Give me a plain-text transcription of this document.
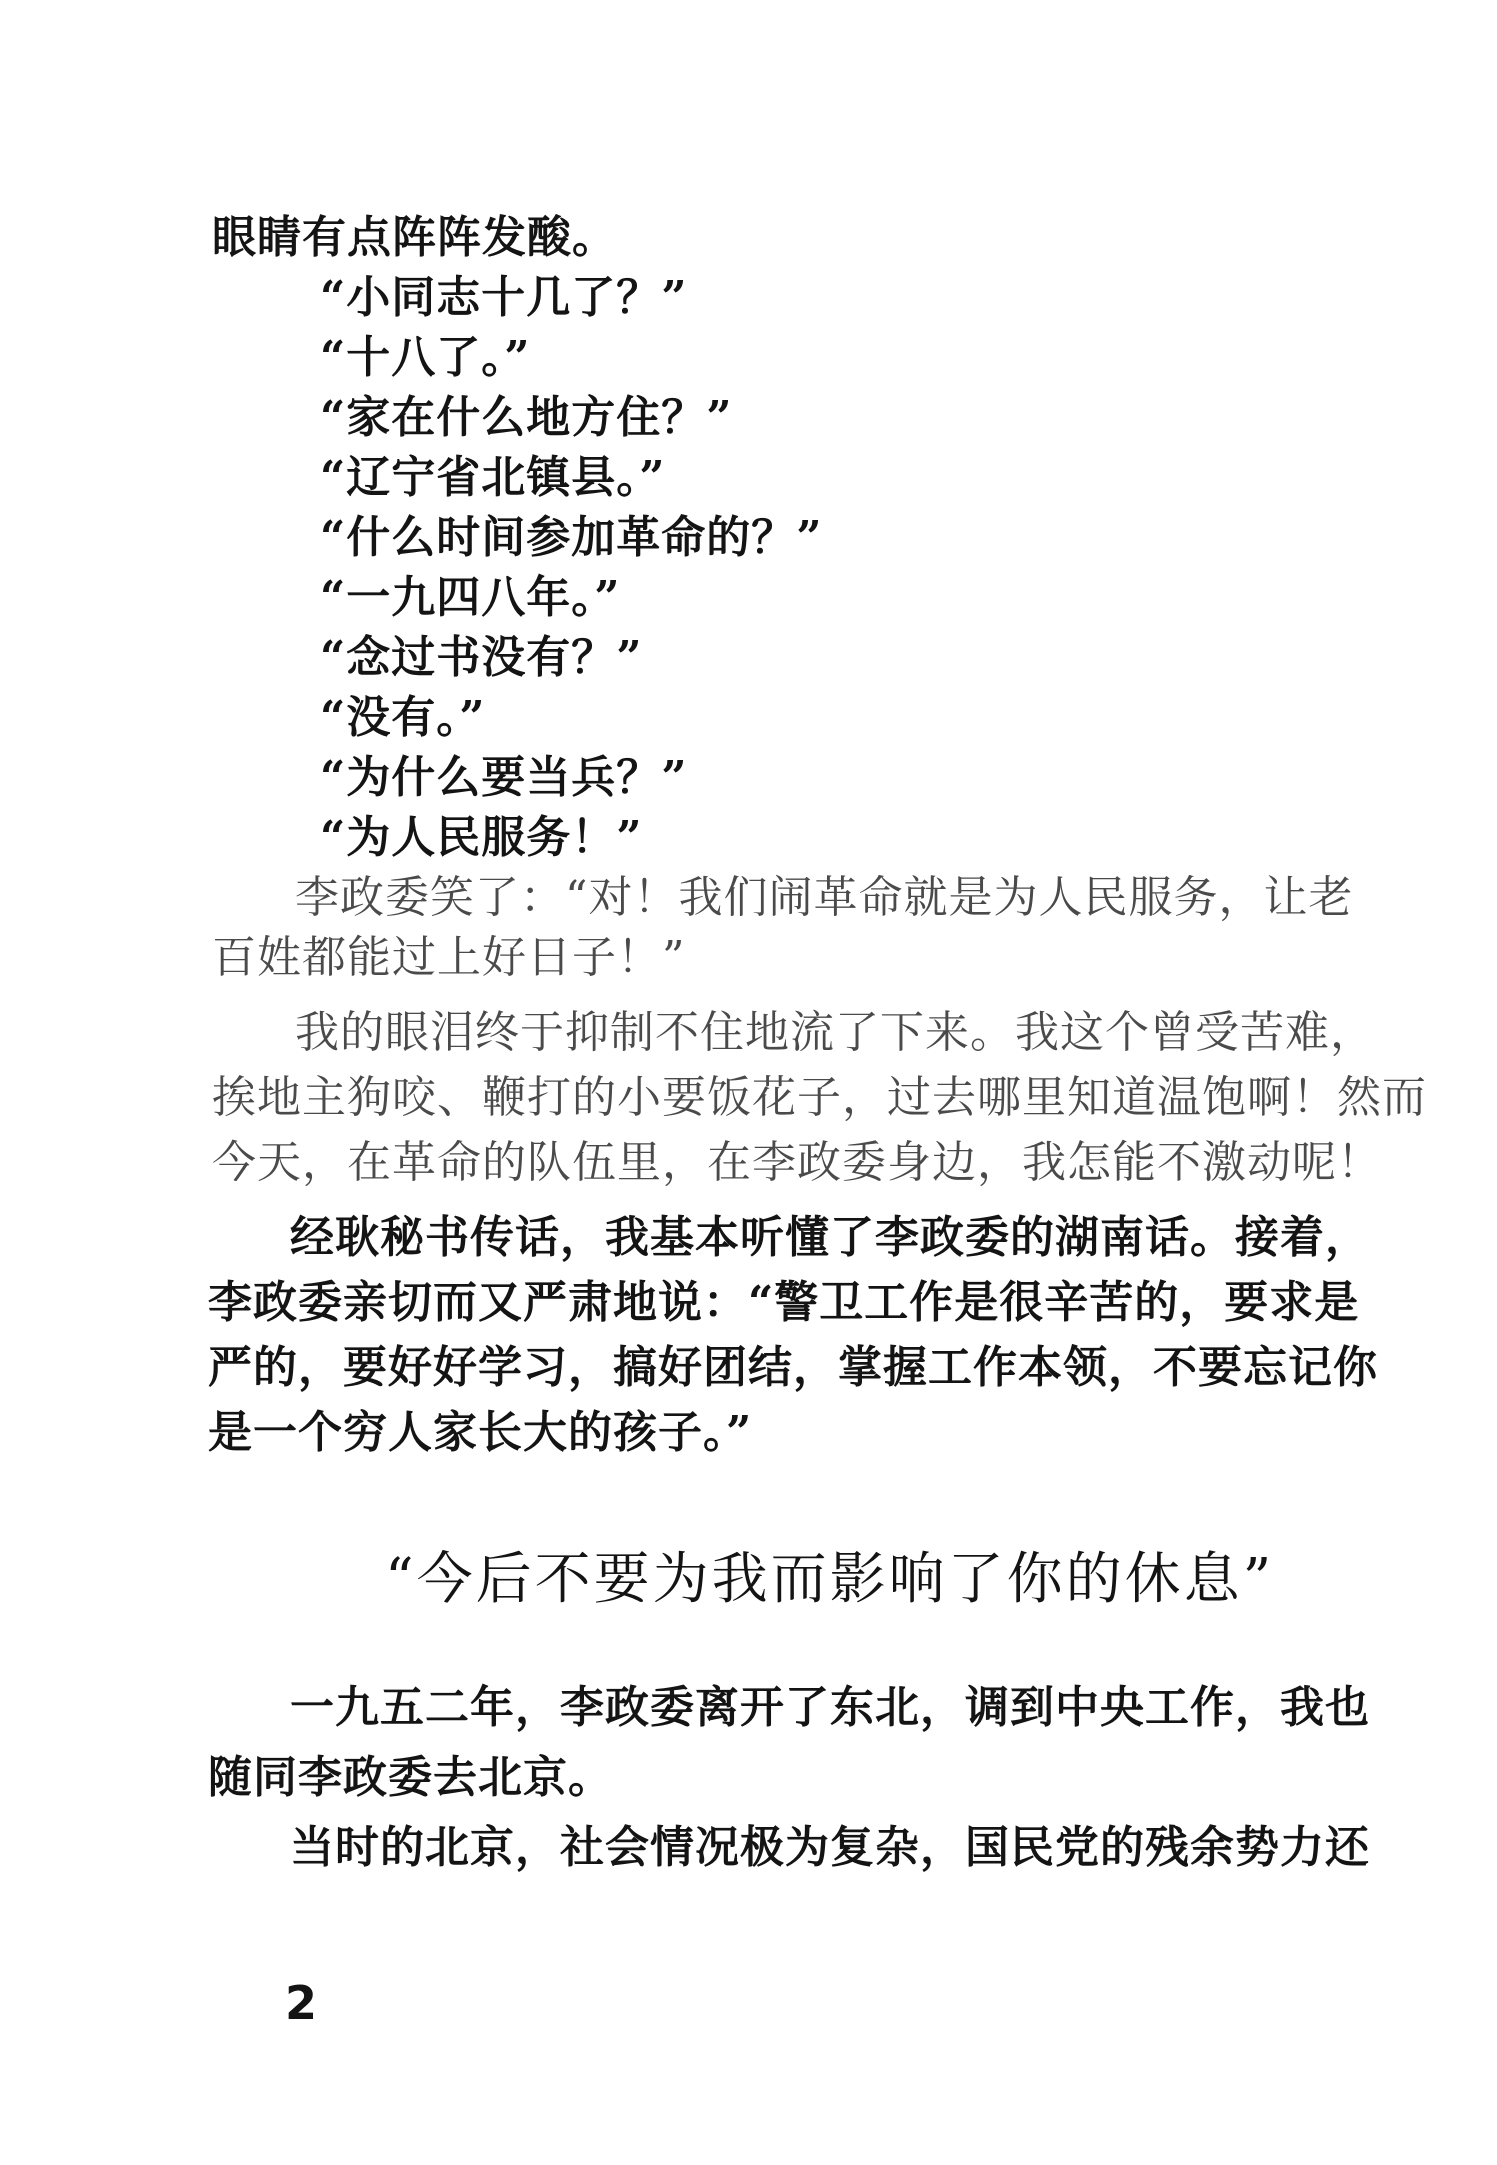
眼睛有点阵阵发酸。
“小同志十几了？”
“十八了。”
“家在什么地方住？”
“辽宁省北镇县。”
“什么时间参加革命的？”
“一九四八年。”
“念过书没有？”
“没有。”
“为什么要当兵？”
“为人民服务！”
李政委笑了：“对！我们闹革命就是为人民服务，让老
百姓都能过上好日子！”
我的眼泪终于抑制不住地流了下来。我这个曾受苦难，
挨地主狗咬、鞭打的小要饭花子，过去哪里知道温饱啊！然而
今天，在革命的队伍里，在李政委身边，我怎能不激动呢！
经耿秘书传话，我基本听懂了李政委的湖南话。接着，
李政委亲切而又严肃地说：“警卫工作是很辛苦的，要求是
严的，要好好学习，搞好团结，掌握工作本领，不要忘记你
是一个穷人家长大的孩子。”
“今后不要为我而影响了你的休息”
一九五二年，李政委离开了东北，调到中央工作，我也
随同李政委去北京。
当时的北京，社会情况极为复杂，国民党的残余势力还
2
